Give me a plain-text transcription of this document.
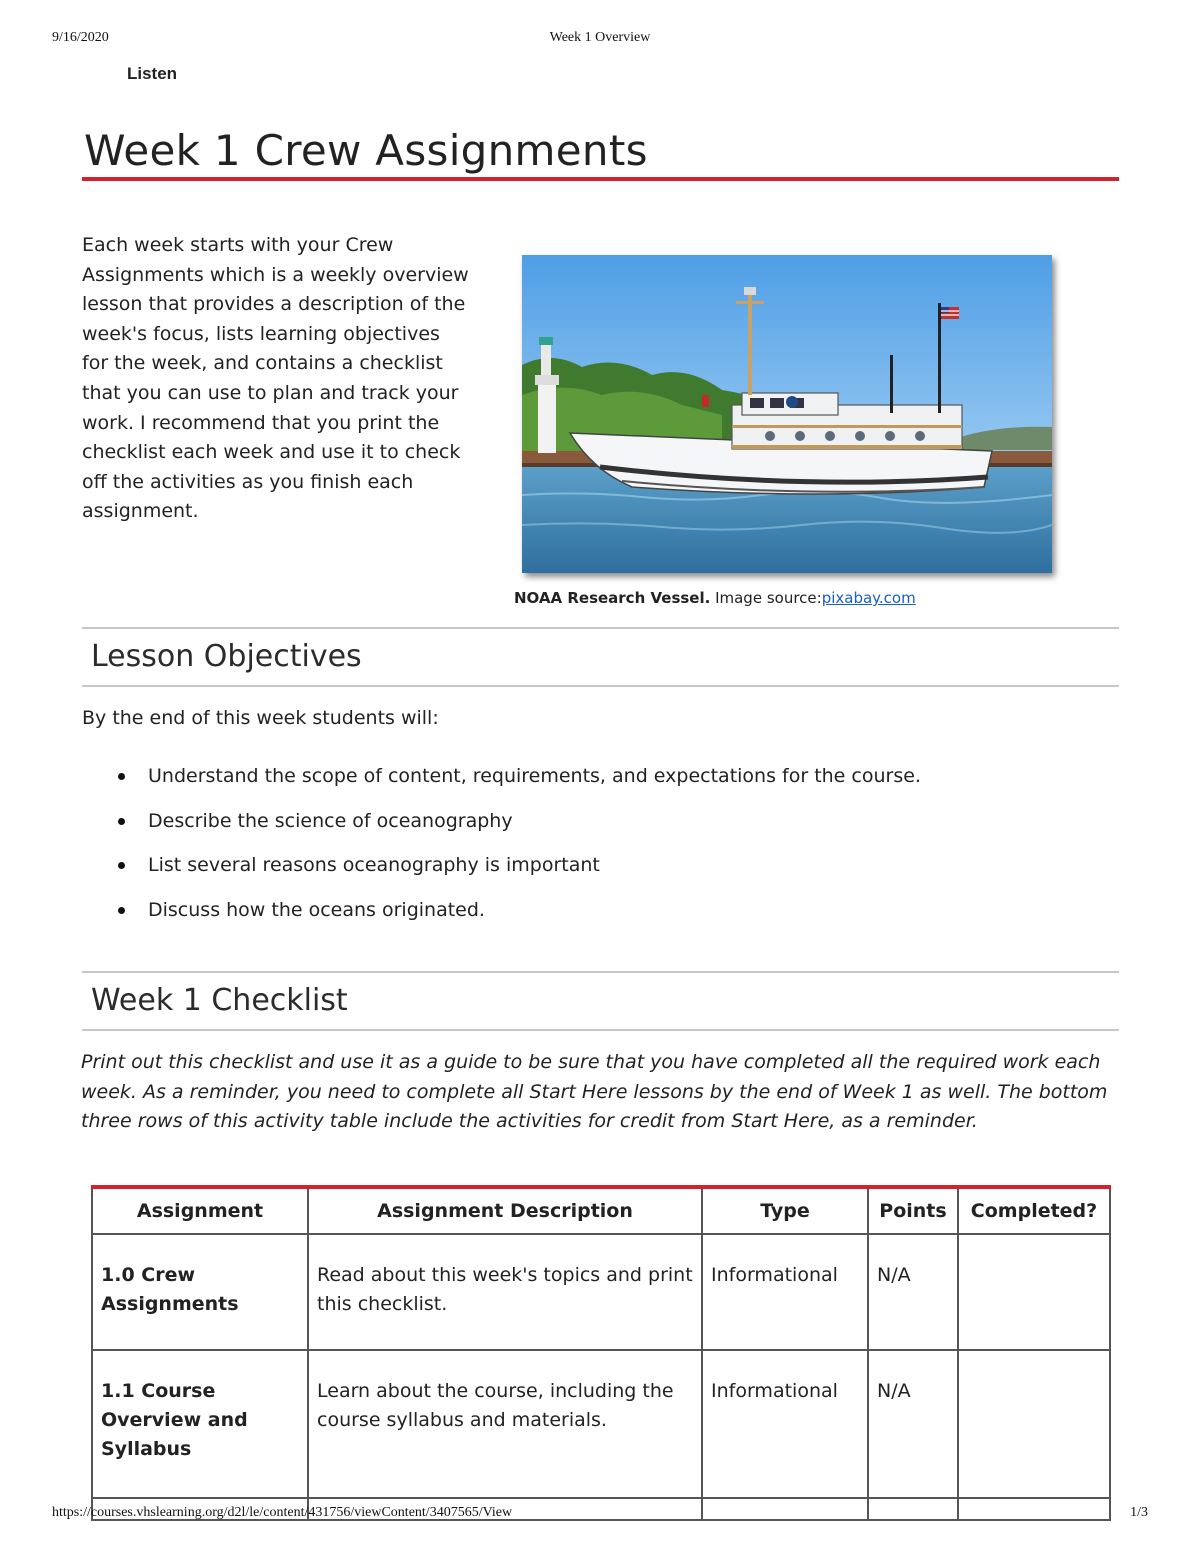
9/16/2020	Week 1 Overview
Listen
Week 1 Crew Assignments

Each week starts with your Crew Assignments which is a weekly overview lesson that provides a description of the week's focus, lists learning objectives for the week, and contains a checklist that you can use to plan and track your work. I recommend that you print the checklist each week and use it to check off the activities as you finish each assignment.

NOAA Research Vessel. Image source:pixabay.com
Lesson Objectives

By the end of this week students will:

Understand the scope of content, requirements, and expectations for the course.
Describe the science of oceanography
List several reasons oceanography is important
Discuss how the oceans originated.
Week 1 Checklist

Print out this checklist and use it as a guide to be sure that you have completed all the required work each week. As a reminder, you need to complete all Start Here lessons by the end of Week 1 as well. The bottom three rows of this activity table include the activities for credit from Start Here, as a reminder.

Assignment	Assignment Description	Type	Points	Completed?
1.0 Crew Assignments	Read about this week's topics and print this checklist.	Informational	N/A	
1.1 Course Overview and Syllabus	Learn about the course, including the course syllabus and materials.	Informational	N/A	

https://courses.vhslearning.org/d2l/le/content/431756/viewContent/3407565/View	1/3
